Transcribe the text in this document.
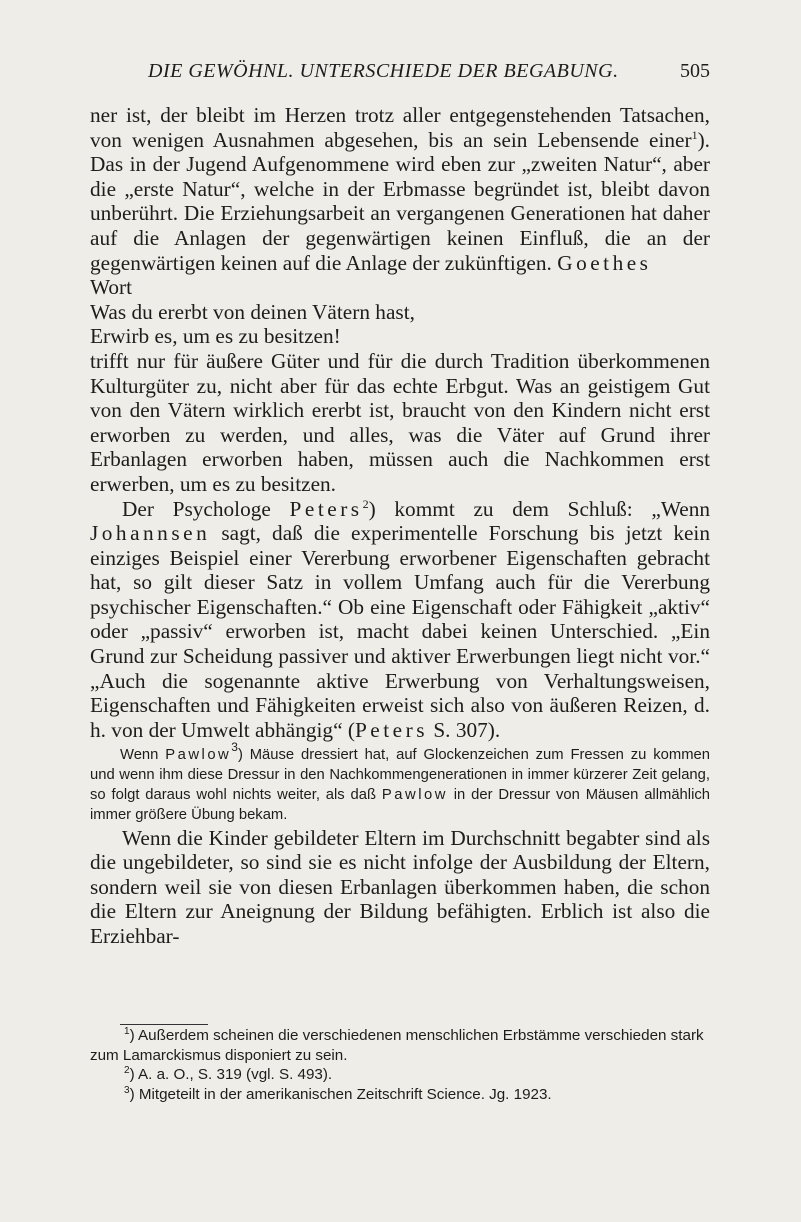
DIE GEWÖHNL. UNTERSCHIEDE DER BEGABUNG.	505

ner ist, der bleibt im Herzen trotz aller entgegenstehenden Tatsachen, von wenigen Ausnahmen abgesehen, bis an sein Lebensende einer$^1$). Das in der Jugend Aufgenommene wird eben zur „zweiten Natur“, aber die „erste Natur“, welche in der Erbmasse begründet ist, bleibt davon unberührt. Die Erziehungsarbeit an vergangenen Generationen hat daher auf die Anlagen der gegenwärtigen keinen Einfluß, die an der gegenwärtigen keinen auf die Anlage der zukünftigen. Goethes
Wort

Was du ererbt von deinen Vätern hast,

Erwirb es, um es zu besitzen!

trifft nur für äußere Güter und für die durch Tradition überkommenen Kulturgüter zu, nicht aber für das echte Erbgut. Was an geistigem Gut von den Vätern wirklich ererbt ist, braucht von den Kindern nicht erst erworben zu werden, und alles, was die Väter auf Grund ihrer Erbanlagen erworben haben, müssen auch die Nachkommen erst erwerben, um es zu besitzen.

Der Psychologe Peters$^2$) kommt zu dem Schluß: „Wenn Johannsen sagt, daß die experimentelle Forschung bis jetzt kein einziges Beispiel einer Vererbung erworbener Eigenschaften gebracht hat, so gilt dieser Satz in vollem Umfang auch für die Vererbung psychischer Eigenschaften.“ Ob eine Eigenschaft oder Fähigkeit „aktiv“ oder „passiv“ erworben ist, macht dabei keinen Unterschied. „Ein Grund zur Scheidung passiver und aktiver Erwerbungen liegt nicht vor.“ „Auch die sogenannte aktive Erwerbung von Verhaltungsweisen, Eigenschaften und Fähigkeiten erweist sich also von äußeren Reizen, d. h. von der Umwelt abhängig“ (Peters S. 307).

Wenn Pawlow$^3$) Mäuse dressiert hat, auf Glockenzeichen zum Fressen zu kommen und wenn ihm diese Dressur in den Nachkommengenerationen in immer kürzerer Zeit gelang, so folgt daraus wohl nichts weiter, als daß Pawlow in der Dressur von Mäusen allmählich immer größere Übung bekam.

Wenn die Kinder gebildeter Eltern im Durchschnitt begabter sind als die ungebildeter, so sind sie es nicht infolge der Ausbildung der Eltern, sondern weil sie von diesen Erbanlagen überkommen haben, die schon die Eltern zur Aneignung der Bildung befähigten. Erblich ist also die Erziehbar-

$^1$) Außerdem scheinen die verschiedenen menschlichen Erbstämme verschieden stark zum Lamarckismus disponiert zu sein.

$^2$) A. a. O., S. 319 (vgl. S. 493).

$^3$) Mitgeteilt in der amerikanischen Zeitschrift Science. Jg. 1923.
